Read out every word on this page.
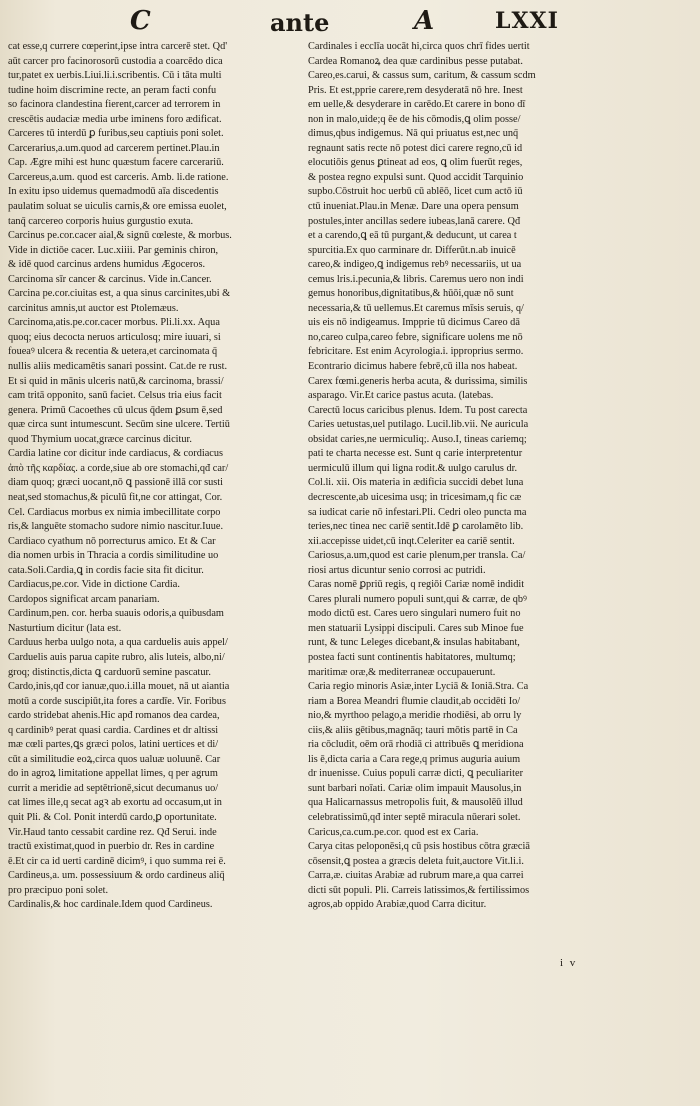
C	ante	A	LXXI

cat esse,q currere cœperint,ipse intra carcerē stet. Qd'

aūt carcer pro facinorosorū custodia a coarcēdo dica

tur,patet ex uerbis.Liui.li.i.scribentis. Cū i tāta multi

tudine hoim discrimine recte, an peram facti confu

so facinora clandestina fierent,carcer ad terrorem in

crescētis audaciæ media urbe iminens foro ædificat.

Carceres tū interdū ꝑ furibus,seu captiuis poni solet.

Carcerarius,a.um.quod ad carcerem pertinet.Plau.in

Cap. Ægre mihi est hunc quæstum facere carcerariū.

Carcereus,a.um. quod est carceris. Amb. li.de ratione.

In exitu ipso uidemus quemadmodū aīa discedentis

paulatim soluat se uiculis carnis,& ore emissa euolet,

tanq̄ carcereo corporis huius gurgustio exuta.

Carcinus pe.cor.cacer aial,& signū cœleste, & morbus.

Vide in dictiōe cacer. Luc.xiiii. Par geminis chiron,

& idē quod carcinus ardens humidus Ægoceros.

Carcinoma sīr cancer & carcinus. Vide in.Cancer.

Carcina pe.cor.ciuitas est, a qua sinus carcinites,ubi &

carcinitus amnis,ut auctor est Ptolemæus.

Carcinoma,atis.pe.cor.cacer morbus. Pli.li.xx. Aqua

quoq; eius decocta neruos articulosq; mire iuuari, si

foueaꝰ ulcera & recentia & uetera,et carcinomata q̄

nullis aliis medicamētis sanari possint. Cat.de re rust.

Et si quid in mānis ulceris natū,& carcinoma, brassi/

cam tritā opponito, sanū faciet. Celsus tria eius facit

genera. Primū Cacoethes cū ulcus q̄dem ꝑsum ē,sed

quæ circa sunt intumescunt. Secūm sine ulcere. Tertiū

quod Thymium uocat,græce carcinus dicitur.

Cardia latine cor dicitur inde cardiacus, & cordiacus

ἀπὸ τῆς καρδίας. a corde,siue ab ore stomachi,qđ car/

diam quoq; græci uocant,nō ꝗ passionē illā cor susti

neat,sed stomachus,& piculū fit,ne cor attingat, Cor.

Cel. Cardiacus morbus ex nimia imbecillitate corpo

ris,& languēte stomacho sudore nimio nascitur.Iuue.

Cardiaco cyathum nō porrecturus amico. Et & Car

dia nomen urbis in Thracia a cordis similitudine uo

cata.Soli.Cardia,ꝗ in cordis facie sita fit dicitur.

Cardiacus,pe.cor. Vide in dictione Cardia.

Cardopos significat arcam panariam.

Cardinum,pen. cor. herba suauis odoris,a quibusdam

Nasturtium dicitur (lata est.

Carduus herba uulgo nota, a qua carduelis auis appel/

Carduelis auis parua capite rubro, alis luteis, albo,ni/

groq; distinctis,dicta ꝗ carduorū semine pascatur.

Cardo,inis,qđ cor ianuæ,quo.i.illa mouet, nā ut aiantia

motū a corde suscipiūt,ita fores a cardīe. Vir. Foribus

cardo stridebat ahenis.Hic apđ romanos dea cardea,

q cardinibꝰ perat quasi cardia. Cardines et dr altissi

mæ cœli partes,ꝗs græci polos, latini uertices et di/

cūt a similitudie eoꝝ,circa quos ualuæ uoluunē. Car

do in agroꝝ limitatione appellat limes, q per agrum

currit a meridie ad septētrionē,sicut decumanus uo/

cat limes ille,q secat agꝛ ab exortu ad occasum,ut in

quit Pli. & Col. Ponit interdū cardo,ꝑ oportunitate.

Vir.Haud tanto cessabit cardine rez. Qđ Serui. inde

tractū existimat,quod in puerbio dr. Res in cardine

ē.Et cir ca id uerti cardinē dicimꝰ, i quo summa rei ē.

Cardineus,a. um. possessiuum & ordo cardineus aliq̄

pro præcipuo poni solet.

Cardinalis,& hoc cardinale.Idem quod Cardineus.

Cardinales i ecclīa uocāt hi,circa quos chrī fides uertit

Cardea Romanoꝝ dea quæ cardinibus pesse putabat.

Careo,es.carui, & cassus sum, caritum, & cassum scdm

Pris. Et est,pprie carere,rem desyderatā nō hre. Inest

em uelle,& desyderare in carēdo.Et carere in bono dī

non in malo,uide;q ēe de his cōmodis,ꝗ olim posse/

dimus,qbus indigemus. Nā qui priuatus est,nec unq̄

regnaunt satis recte nō potest dici carere regno,cū id

elocutiōis genus ꝑtineat ad eos, ꝗ olim fuerūt reges,

& postea regno expulsi sunt. Quod accidit Tarquinio

supbo.Cōstruit hoc uerbū cū ablēō, licet cum actō iū

ctū inueniat.Plau.in Menæ. Dare una opera pensum

postules,inter ancillas sedere iubeas,lanā carere. Qđ

et a carendo,ꝗ eā tū purgant,& deducunt, ut carea t

spurcitia.Ex quo carminare dr. Differūt.n.ab inuicē

careo,& indigeo,ꝗ indigemus rebꝰ necessariis, ut ua

cemus lris.i.pecunia,& libris. Caremus uero non indi

gemus honoribus,dignitatibus,& hūōi,quæ nō sunt

necessaria,& tū uellemus.Et caremus mīsis seruis, q/

uis eis nō indigeamus. Impprie tū dicimus Careo dā

no,careo culpa,careo febre, significare uolens me nō

febricitare. Est enim Acyrologia.i. ipproprius sermo.

Econtrario dicimus habere febrē,cū illa nos habeat.

Carex fœmi.generis herba acuta, & durissima, similis

asparago. Vir.Et carice pastus acuta. (latebas.

Carectū locus caricibus plenus. Idem. Tu post carecta

Caries uetustas,uel putilago. Lucil.lib.vii. Ne auricula

obsidat caries,ne uermiculiq;. Auso.I, tineas cariemq;

pati te charta necesse est. Sunt q carie interpretentur

uermiculū illum qui ligna rodit.& uulgo carulus dr.

Col.li. xii. Ois materia in ædificia succidi debet luna

decrescente,ab uicesima usq; in tricesimam,q fic cæ

sa iudicat carie nō infestari.Pli. Cedri oleo puncta ma

teries,nec tinea nec cariē sentit.Idē ꝑ carolamēto lib.

xii.accepisse uidet,cū inqt.Celeriter ea cariē sentit.

Cariosus,a.um,quod est carie plenum,per transla. Ca/

riosi artus dicuntur senio corrosi ac putridi.

Caras nomē ꝑpriū regis, q regiōi Cariæ nomē indidit

Cares plurali numero populi sunt,qui & carræ, de qbꝰ

modo dictū est. Cares uero singulari numero fuit no

men statuarii Lysippi discipuli. Cares sub Minoe fue

runt, & tunc Leleges dicebant,& insulas habitabant,

postea facti sunt continentis habitatores, multumq;

maritimæ oræ,& mediterraneæ occupauerunt.

Caria regio minoris Asiæ,inter Lyciā & Ioniā.Stra. Ca

riam a Borea Meandri flumie claudit,ab occidēti Io/

nio,& myrthoo pelago,a meridie rhodiēsi, ab orru ly

ciis,& aliis gētibus,magnāq; tauri mōtis partē in Ca

ria cōcludit, oēm orā rhodiā ci attribuēs ꝗ meridiona

lis ē,dicta caria a Cara rege,q primus auguria auium

dr inuenisse. Cuius populi carræ dicti, ꝗ peculiariter

sunt barbari noīati. Cariæ olim impauit Mausolus,in

qua Halicarnassus metropolis fuit, & mausolēū illud

celebratissimū,qđ inter septē miracula nūerari solet.

Caricus,ca.cum.pe.cor. quod est ex Caria.

Carya citas peloponēsi,q cū psis hostibus cōtra græciā

cōsensit,ꝗ postea a græcis deleta fuit,auctore Vit.li.i.

Carra,æ. ciuitas Arabiæ ad rubrum mare,a qua carrei

dicti sūt populi. Pli. Carreis latissimos,& fertilissimos

agros,ab oppido Arabiæ,quod Carra dicitur.

i v
